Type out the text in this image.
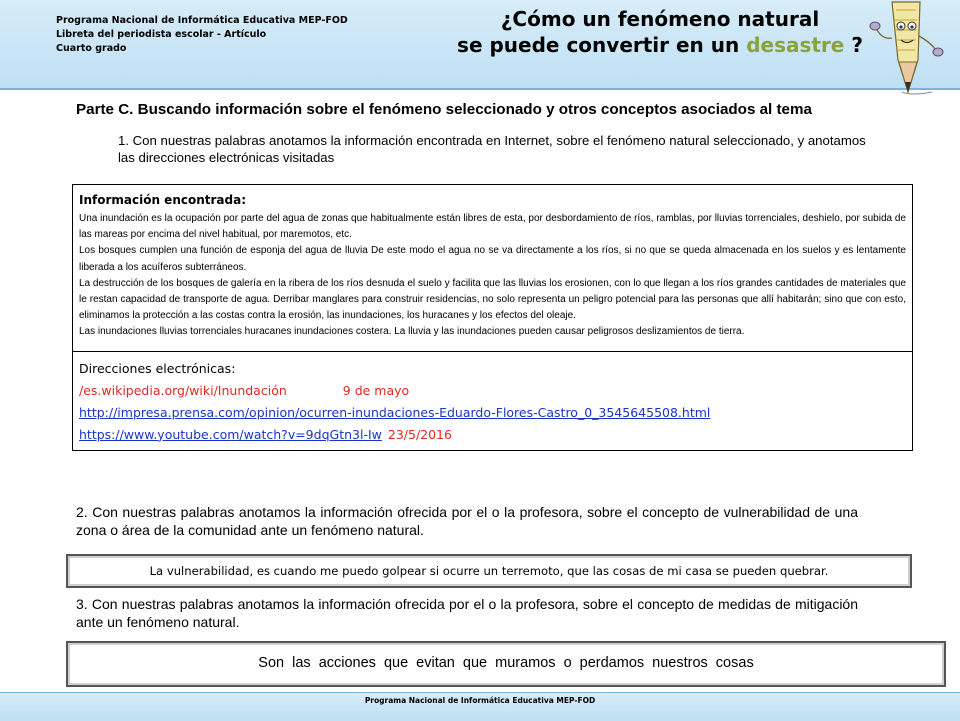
Programa Nacional de Informática Educativa MEP-FOD
Libreta del periodista escolar - Artículo
Cuarto grado
¿Cómo un fenómeno natural
se puede convertir en un desastre ?
Parte C. Buscando información sobre el fenómeno seleccionado y otros conceptos asociados al tema
1. Con nuestras palabras anotamos la información encontrada en Internet, sobre el fenómeno natural seleccionado, y anotamos las direcciones electrónicas visitadas
Información encontrada:

Una inundación es la ocupación por parte del agua de zonas que habitualmente están libres de esta, por desbordamiento de ríos, ramblas, por lluvias torrenciales, deshielo, por subida de las mareas por encima del nivel habitual, por maremotos, etc.

Los bosques cumplen una función de esponja del agua de lluvia De este modo el agua no se va directamente a los ríos, si no que se queda almacenada en los suelos y es lentamente liberada a los acuíferos subterráneos.

La destrucción de los bosques de galería en la ribera de los ríos desnuda el suelo y facilita que las lluvias los erosionen, con lo que llegan a los ríos grandes cantidades de materiales que le restan capacidad de transporte de agua. Derribar manglares para construir residencias, no solo representa un peligro potencial para las personas que allí habitarán; sino que con esto, eliminamos la protección a las costas contra la erosión, las inundaciones, los huracanes y los efectos del oleaje.

Las inundaciones lluvias torrenciales huracanes inundaciones costera. La lluvia y las inundaciones pueden causar peligrosos deslizamientos de tierra.

Direcciones electrónicas:
/es.wikipedia.org/wiki/Inundación	9 de mayo
http://impresa.prensa.com/opinion/ocurren-inundaciones-Eduardo-Flores-Castro_0_3545645508.html
https://www.youtube.com/watch?v=9dqGtn3l-Iw 23/5/2016
2. Con nuestras palabras anotamos la información ofrecida por el o la profesora, sobre el concepto de vulnerabilidad de una zona o área de la comunidad ante un fenómeno natural.
La vulnerabilidad, es cuando me puedo golpear si ocurre un terremoto, que las cosas de mi casa se pueden quebrar.
3. Con nuestras palabras anotamos la información ofrecida por el o la profesora, sobre el concepto de medidas de mitigación ante un fenómeno natural.
Son las acciones que evitan que muramos o perdamos nuestros cosas
Programa Nacional de Informática Educativa MEP-FOD
